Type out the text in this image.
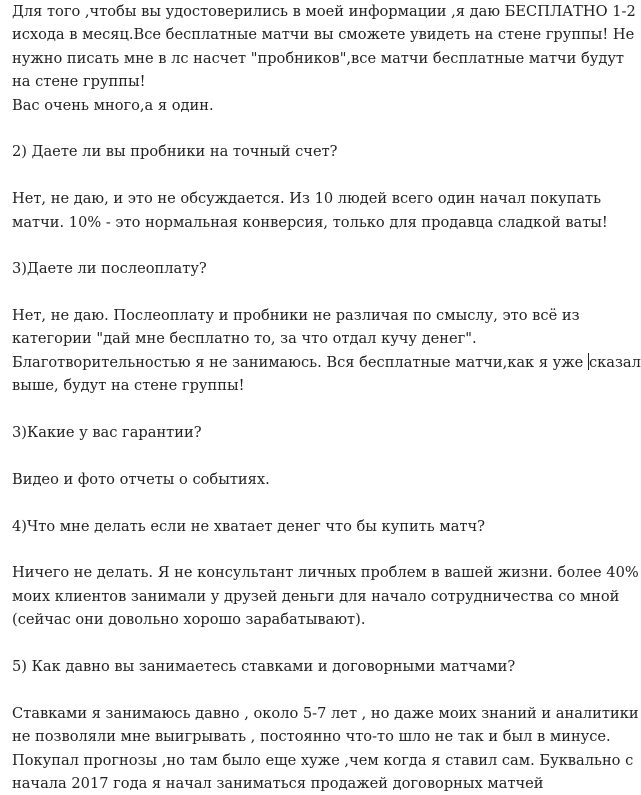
Для того ,чтобы вы удостоверились в моей информации ,я даю БЕСПЛАТНО 1-2
исхода в месяц.Все бесплатные матчи вы сможете увидеть на стене группы! Не
нужно писать мне в лс насчет "пробников",все матчи бесплатные матчи будут
на стене группы!
Вас очень много,а я один.
2) Даете ли вы пробники на точный счет?
Нет, не даю, и это не обсуждается. Из 10 людей всего один начал покупать
матчи. 10% - это нормальная конверсия, только для продавца сладкой ваты!
3)Даете ли послеоплату?
Нет, не даю. Послеоплату и пробники не различая по смыслу, это всё из
категории "дай мне бесплатно то, за что отдал кучу денег".
Благотворительностью я не занимаюсь. Вся бесплатные матчи,как я уже сказал
выше, будут на стене группы!
3)Какие у вас гарантии?
Видео и фото отчеты о событиях.
4)Что мне делать если не хватает денег что бы купить матч?
Ничего не делать. Я не консультант личных проблем в вашей жизни. более 40%
моих клиентов занимали у друзей деньги для начало сотрудничества со мной
(сейчас они довольно хорошо зарабатывают).
5) Как давно вы занимаетесь ставками и договорными матчами?
Ставками я занимаюсь давно , около 5-7 лет , но даже моих знаний и аналитики
не позволяли мне выигрывать , постоянно что-то шло не так и был в минусе.
Покупал прогнозы ,но там было еще хуже ,чем когда я ставил сам. Буквально с
начала 2017 года я начал заниматься продажей договорных матчей
